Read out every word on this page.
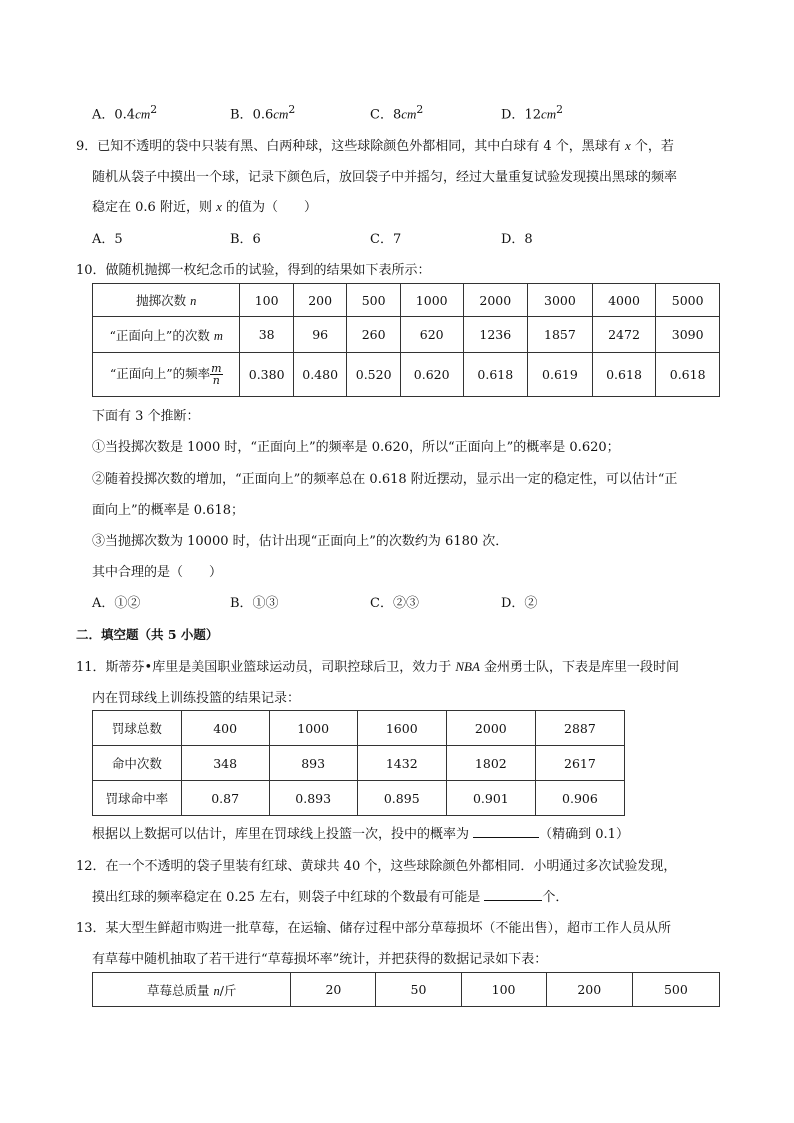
A．$0.4cm^2$	B．$0.6cm^2$	C．$8cm^2$	D．$12cm^2$
9．已知不透明的袋中只装有黑、白两种球，这些球除颜色外都相同，其中白球有 4 个，黑球有 x 个，若
随机从袋子中摸出一个球，记录下颜色后，放回袋子中并摇匀，经过大量重复试验发现摸出黑球的频率
稳定在 0.6 附近，则 x 的值为（　　）
A．5	B．6	C．7	D．8
10．做随机抛掷一枚纪念币的试验，得到的结果如下表所示：
抛掷次数 n	100	200	500	1000	2000	3000	4000	5000
“正面向上”的次数 m	38	96	260	620	1236	1857	2472	3090
“正面向上”的频率 $\frac{m}{n}$	0.380	0.480	0.520	0.620	0.618	0.619	0.618	0.618
下面有 3 个推断：
①当投掷次数是 1000 时，“正面向上”的频率是 0.620，所以“正面向上”的概率是 0.620；
②随着投掷次数的增加，“正面向上”的频率总在 0.618 附近摆动，显示出一定的稳定性，可以估计“正
面向上”的概率是 0.618；
③当抛掷次数为 10000 时，估计出现“正面向上”的次数约为 6180 次．
其中合理的是（　　）
A．①②	B．①③	C．②③	D．②
二．填空题（共 5 小题）
11．斯蒂芬•库里是美国职业篮球运动员，司职控球后卫，效力于 NBA 金州勇士队，下表是库里一段时间
内在罚球线上训练投篮的结果记录：
罚球总数	400	1000	1600	2000	2887
命中次数	348	893	1432	1802	2617
罚球命中率	0.87	0.893	0.895	0.901	0.906
根据以上数据可以估计，库里在罚球线上投篮一次，投中的概率为	（精确到 0.1）
12．在一个不透明的袋子里装有红球、黄球共 40 个，这些球除颜色外都相同．小明通过多次试验发现，
摸出红球的频率稳定在 0.25 左右，则袋子中红球的个数最有可能是	个．
13．某大型生鲜超市购进一批草莓，在运输、储存过程中部分草莓损坏（不能出售），超市工作人员从所
有草莓中随机抽取了若干进行“草莓损坏率”统计，并把获得的数据记录如下表：
草莓总质量 n/斤	20	50	100	200	500
